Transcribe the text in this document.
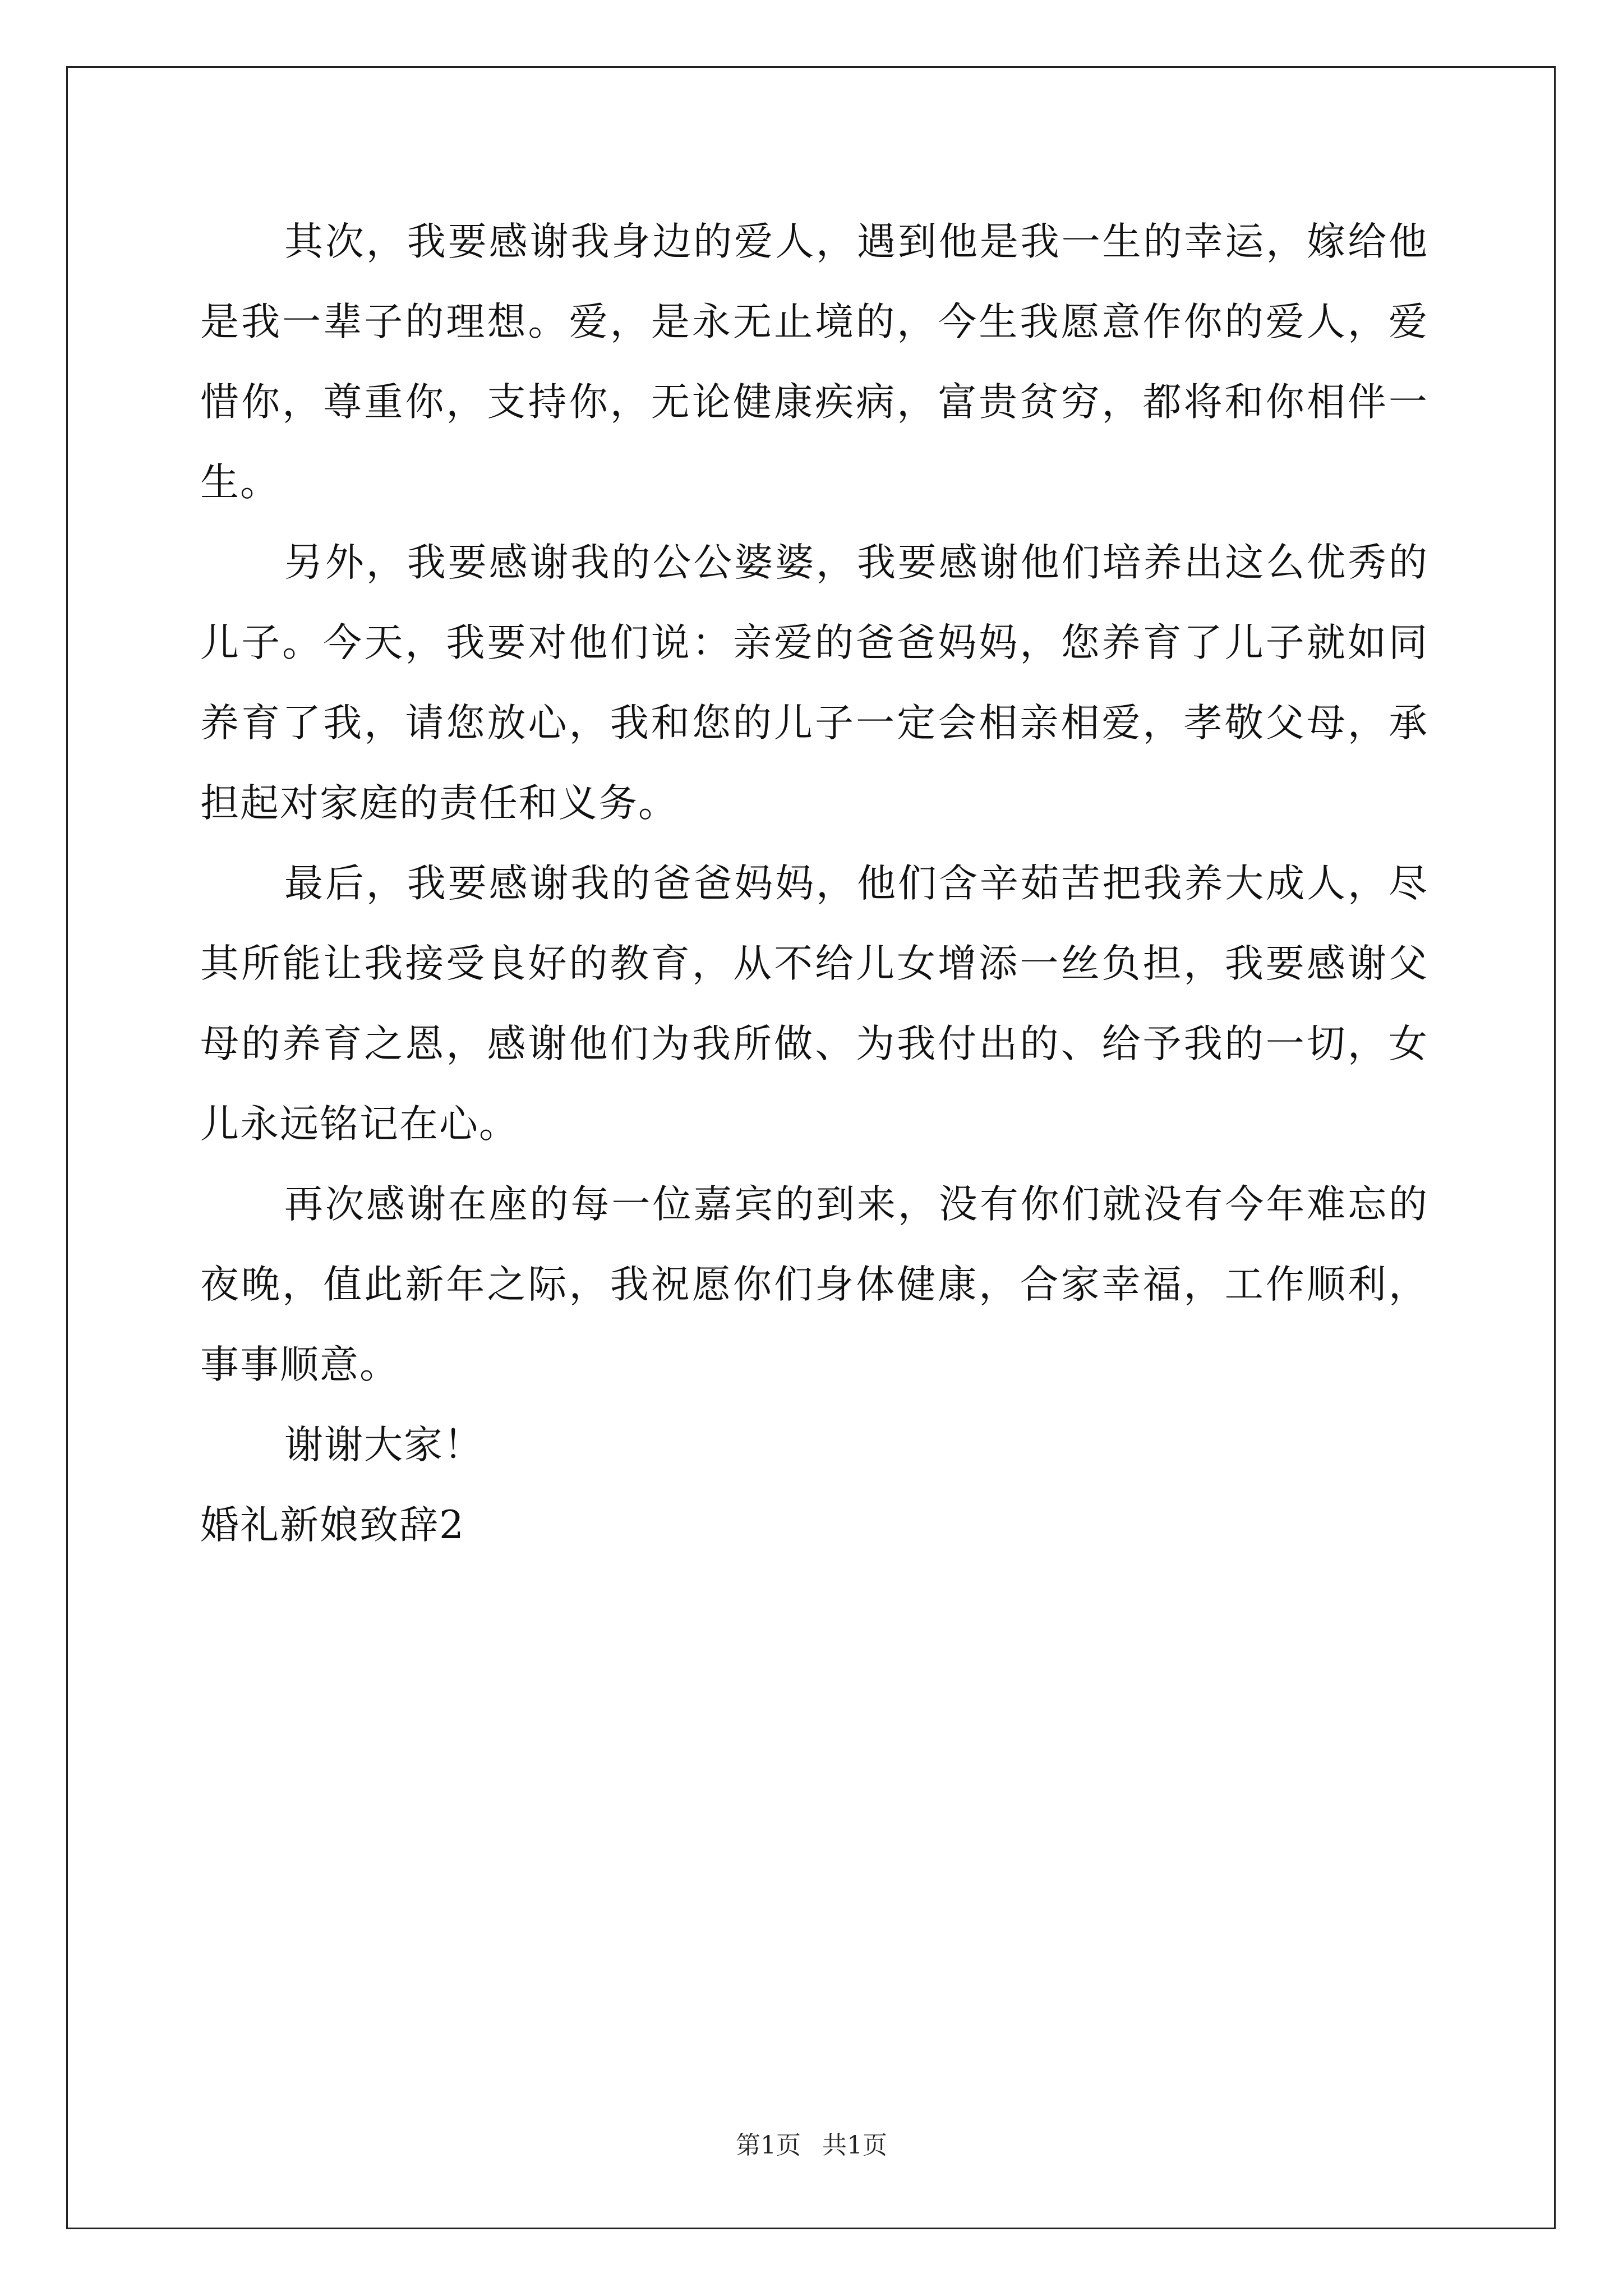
其次，我要感谢我身边的爱人，遇到他是我一生的幸运，嫁给他是我一辈子的理想。爱，是永无止境的，今生我愿意作你的爱人，爱惜你，尊重你，支持你，无论健康疾病，富贵贫穷，都将和你相伴一生。

另外，我要感谢我的公公婆婆，我要感谢他们培养出这么优秀的儿子。今天，我要对他们说：亲爱的爸爸妈妈，您养育了儿子就如同养育了我，请您放心，我和您的儿子一定会相亲相爱，孝敬父母，承担起对家庭的责任和义务。

最后，我要感谢我的爸爸妈妈，他们含辛茹苦把我养大成人，尽其所能让我接受良好的教育，从不给儿女增添一丝负担，我要感谢父母的养育之恩，感谢他们为我所做、为我付出的、给予我的一切，女儿永远铭记在心。

再次感谢在座的每一位嘉宾的到来，没有你们就没有今年难忘的夜晚，值此新年之际，我祝愿你们身体健康，合家幸福，工作顺利，事事顺意。

谢谢大家！

婚礼新娘致辞2

第1页 共1页
